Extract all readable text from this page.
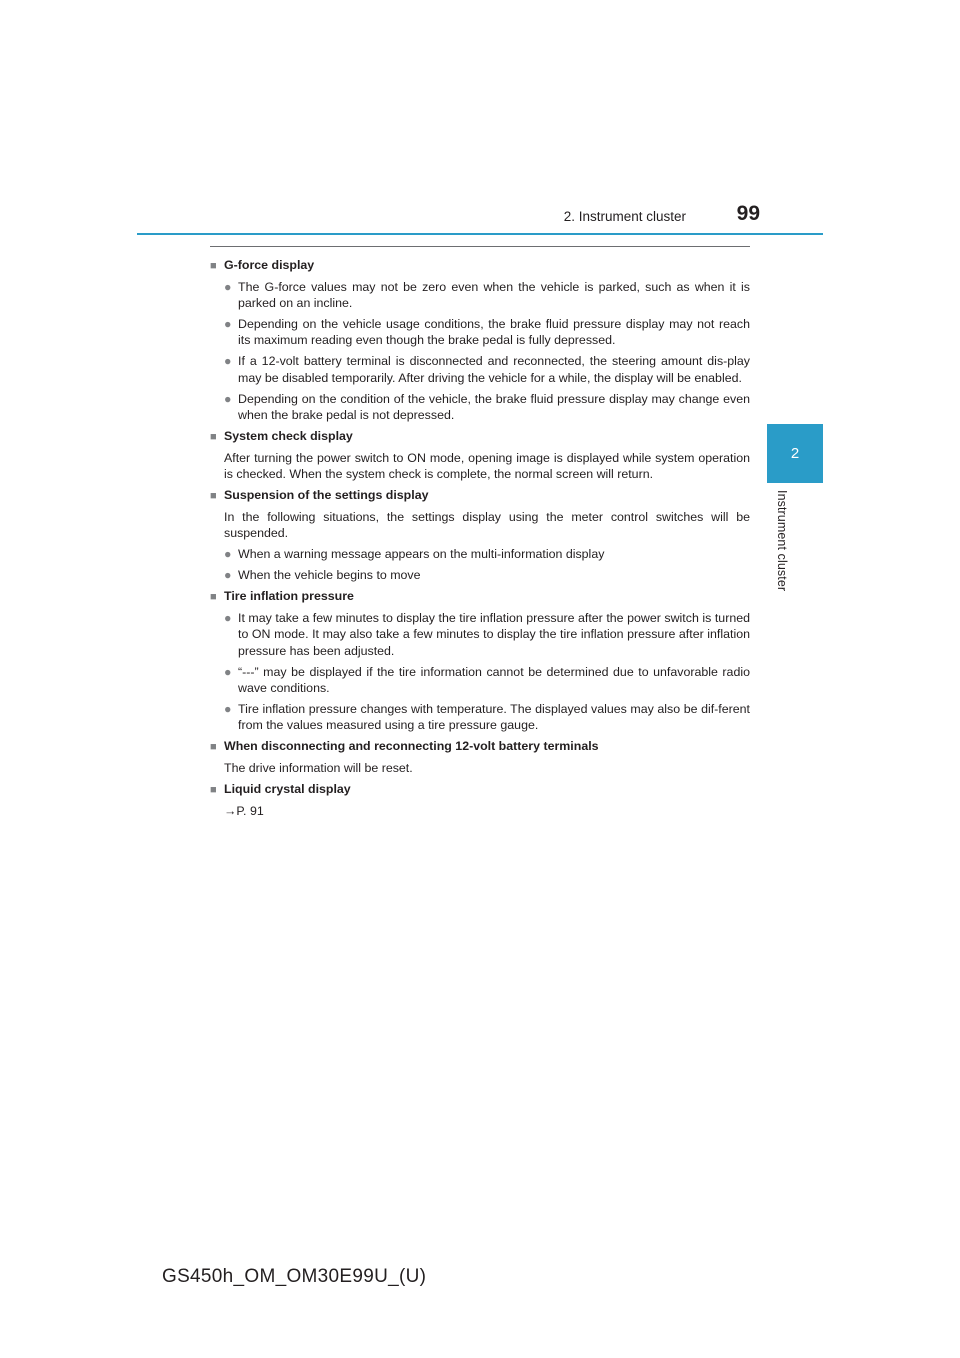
2. Instrument cluster	99
2
Instrument cluster
■ G-force display
● The G-force values may not be zero even when the vehicle is parked, such as when it is parked on an incline.
● Depending on the vehicle usage conditions, the brake fluid pressure display may not reach its maximum reading even though the brake pedal is fully depressed.
● If a 12-volt battery terminal is disconnected and reconnected, the steering amount dis-play may be disabled temporarily. After driving the vehicle for a while, the display will be enabled.
● Depending on the condition of the vehicle, the brake fluid pressure display may change even when the brake pedal is not depressed.
■ System check display
After turning the power switch to ON mode, opening image is displayed while system operation is checked. When the system check is complete, the normal screen will return.
■ Suspension of the settings display
In the following situations, the settings display using the meter control switches will be suspended.
● When a warning message appears on the multi-information display
● When the vehicle begins to move
■ Tire inflation pressure
● It may take a few minutes to display the tire inflation pressure after the power switch is turned to ON mode. It may also take a few minutes to display the tire inflation pressure after inflation pressure has been adjusted.
● “---” may be displayed if the tire information cannot be determined due to unfavorable radio wave conditions.
● Tire inflation pressure changes with temperature. The displayed values may also be dif-ferent from the values measured using a tire pressure gauge.
■ When disconnecting and reconnecting 12-volt battery terminals
The drive information will be reset.
■ Liquid crystal display
→P. 91
GS450h_OM_OM30E99U_(U)
